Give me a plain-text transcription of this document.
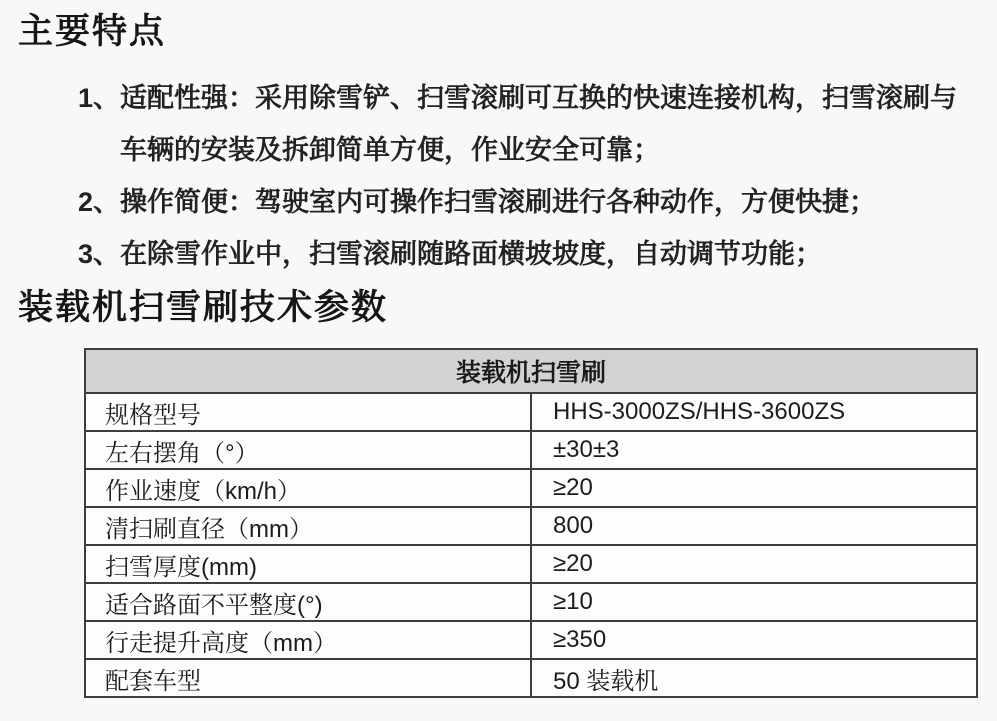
主要特点
1、 适配性强：采用除雪铲、扫雪滚刷可互换的快速连接机构，扫雪滚刷与
车辆的安装及拆卸简单方便，作业安全可靠；
2、 操作简便：驾驶室内可操作扫雪滚刷进行各种动作，方便快捷；
3、 在除雪作业中，扫雪滚刷随路面横坡坡度，自动调节功能；
装载机扫雪刷技术参数
装载机扫雪刷	
规格型号	HHS-3000ZS/HHS-3600ZS
左右摆角（°）	±30±3
作业速度（km/h）	≥20
清扫刷直径（mm）	800
扫雪厚度(mm)	≥20
适合路面不平整度(°)	≥10
行走提升高度（mm）	≥350
配套车型	50 装载机
